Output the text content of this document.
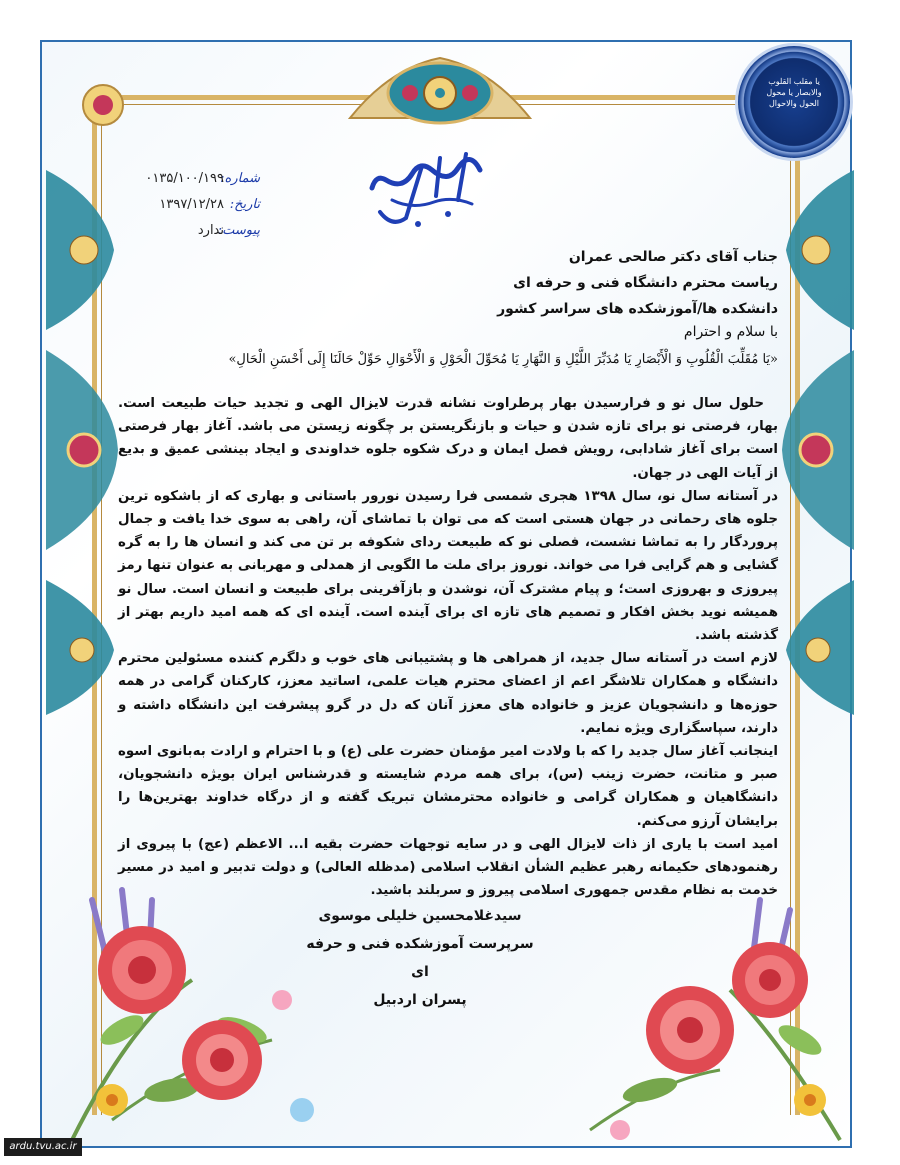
یا مقلب القلوب والابصار یا محول الحول والاحوال
شماره:
۰۱۳۵/۱۰۰/۱۹۹
تاریخ:
۱۳۹۷/۱۲/۲۸
پیوست:
ندارد
جناب آقای دکتر صالحی عمران
ریاست محترم دانشگاه فنی و حرفه ای
دانشکده ها/آموزشکده های سراسر کشور
با سلام و احترام
«یَا مُقَلِّبَ الْقُلُوبِ وَ الْأَبْصَارِ یَا مُدَبِّرَ اللَّیْلِ وَ النَّهَارِ یَا مُحَوِّلَ الْحَوْلِ وَ الْأَحْوَالِ حَوِّلْ حَالَنَا إِلَى أَحْسَنِ الْحَالِ»

حلول سال نو و فرارسیدن بهار پرطراوت نشانه قدرت لایزال الهی و تجدید حیات طبیعت است. بهار، فرصتی نو برای تازه شدن و حیات و بازنگریستن بر چگونه زیستن می باشد. آغاز بهار فرصتی است برای آغاز شادابی، رویش فصل ایمان و درک شکوه جلوه خداوندی و ایجاد بینشی عمیق و بدیع از آیات الهی در جهان.

در آستانه سال نو، سال ۱۳۹۸ هجری شمسی فرا رسیدن نورور باستانی و بهاری که از باشکوه ترین جلوه های رحمانی در جهان هستی است که می توان با تماشای آن، راهی به سوی خدا یافت و جمال پروردگار را به تماشا نشست، فصلی نو که طبیعت ردای شکوفه بر تن می کند و انسان ها را به گره گشایی و هم گرایی فرا می خواند. نوروز برای ملت ما الگویی از همدلی و مهربانی به عنوان تنها رمز پیروزی و بهروزی است؛ و پیام مشترک آن، نوشدن و بازآفرینی برای طبیعت و انسان است. سال نو همیشه نوید بخش افکار و تصمیم های تازه ای برای آینده است. آینده ای که همه امید داریم بهتر از گذشته باشد.

لازم است در آستانه سال جدید، از همراهی ها و پشتیبانی های خوب و دلگرم کننده مسئولین محترم دانشگاه و همکاران تلاشگر اعم از اعضای محترم هیات علمی، اساتید معزز، کارکنان گرامی در همه حوزه‌ها و دانشجویان عزیز و خانواده های معزز آنان که دل در گرو پیشرفت این دانشگاه داشته و دارند، سپاسگزاری ویژه نمایم.

اینجانب آغاز سال جدید را که با ولادت امیر مؤمنان حضرت علی (ع) و با احترام و ارادت به‌بانوی اسوه صبر و متانت، حضرت زینب (س)، برای همه مردم شایسته و قدرشناس ایران بویژه دانشجویان، دانشگاهیان و همکاران گرامی و خانواده محترمشان تبریک گفته و از درگاه خداوند بهترین‌ها را برایشان آرزو می‌کنم.

امید است با یاری از ذات لایزال الهی و در سایه توجهات حضرت بقیه ا... الاعظم (عج) با پیروی از رهنمودهای حکیمانه رهبر عظیم الشأن انقلاب اسلامی (مدظله العالی) و دولت تدبیر و امید در مسیر خدمت به نظام مقدس جمهوری اسلامی پیروز و سربلند باشید.

سیدغلامحسین خلیلی موسوی
سرپرست آموزشکده فنی و حرفه ای
پسران اردبیل
ardu.tvu.ac.ir
